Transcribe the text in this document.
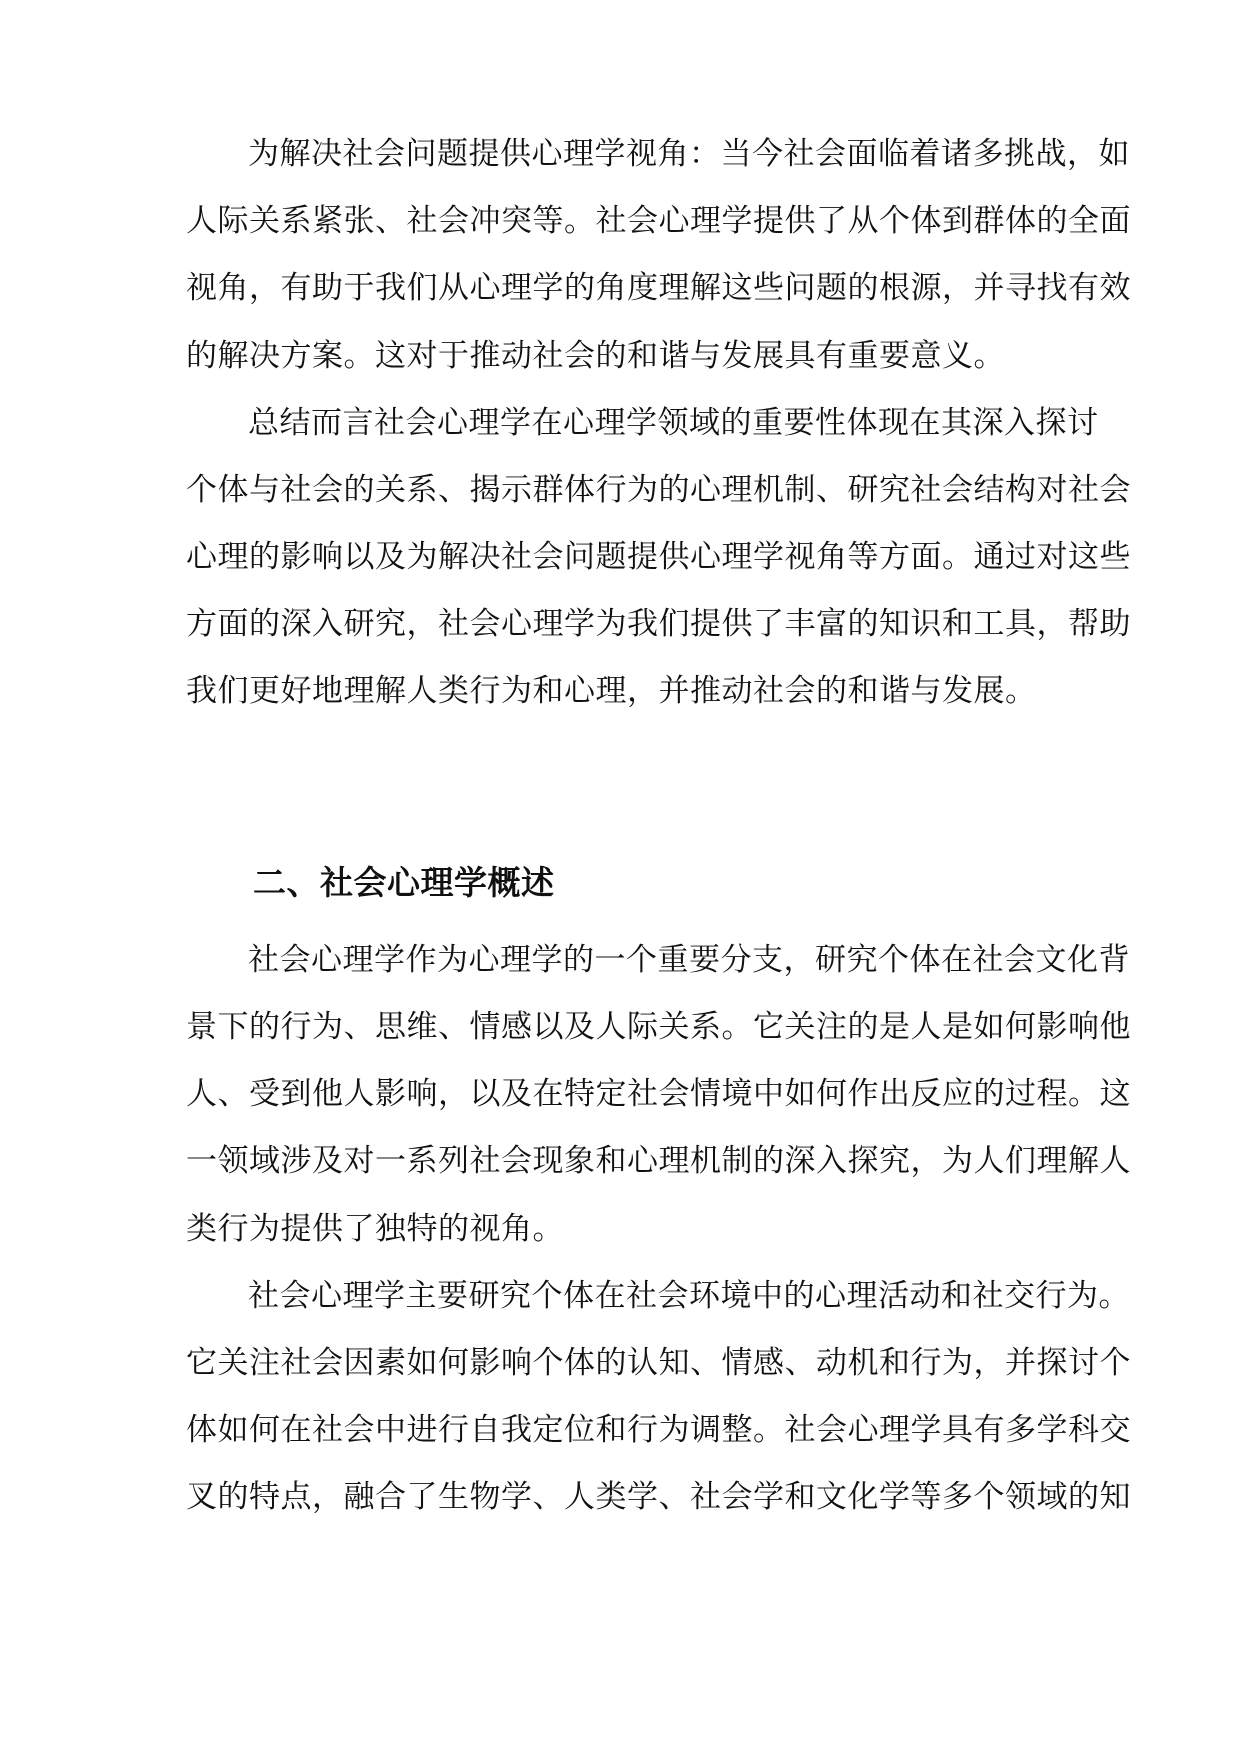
为解决社会问题提供心理学视角：当今社会面临着诸多挑战，如
人际关系紧张、社会冲突等。社会心理学提供了从个体到群体的全面
视角，有助于我们从心理学的角度理解这些问题的根源，并寻找有效
的解决方案。这对于推动社会的和谐与发展具有重要意义。
总结而言社会心理学在心理学领域的重要性体现在其深入探讨
个体与社会的关系、揭示群体行为的心理机制、研究社会结构对社会
心理的影响以及为解决社会问题提供心理学视角等方面。通过对这些
方面的深入研究，社会心理学为我们提供了丰富的知识和工具，帮助
我们更好地理解人类行为和心理，并推动社会的和谐与发展。
二、社会心理学概述
社会心理学作为心理学的一个重要分支，研究个体在社会文化背
景下的行为、思维、情感以及人际关系。它关注的是人是如何影响他
人、受到他人影响，以及在特定社会情境中如何作出反应的过程。这
一领域涉及对一系列社会现象和心理机制的深入探究，为人们理解人
类行为提供了独特的视角。
社会心理学主要研究个体在社会环境中的心理活动和社交行为。
它关注社会因素如何影响个体的认知、情感、动机和行为，并探讨个
体如何在社会中进行自我定位和行为调整。社会心理学具有多学科交
叉的特点，融合了生物学、人类学、社会学和文化学等多个领域的知
